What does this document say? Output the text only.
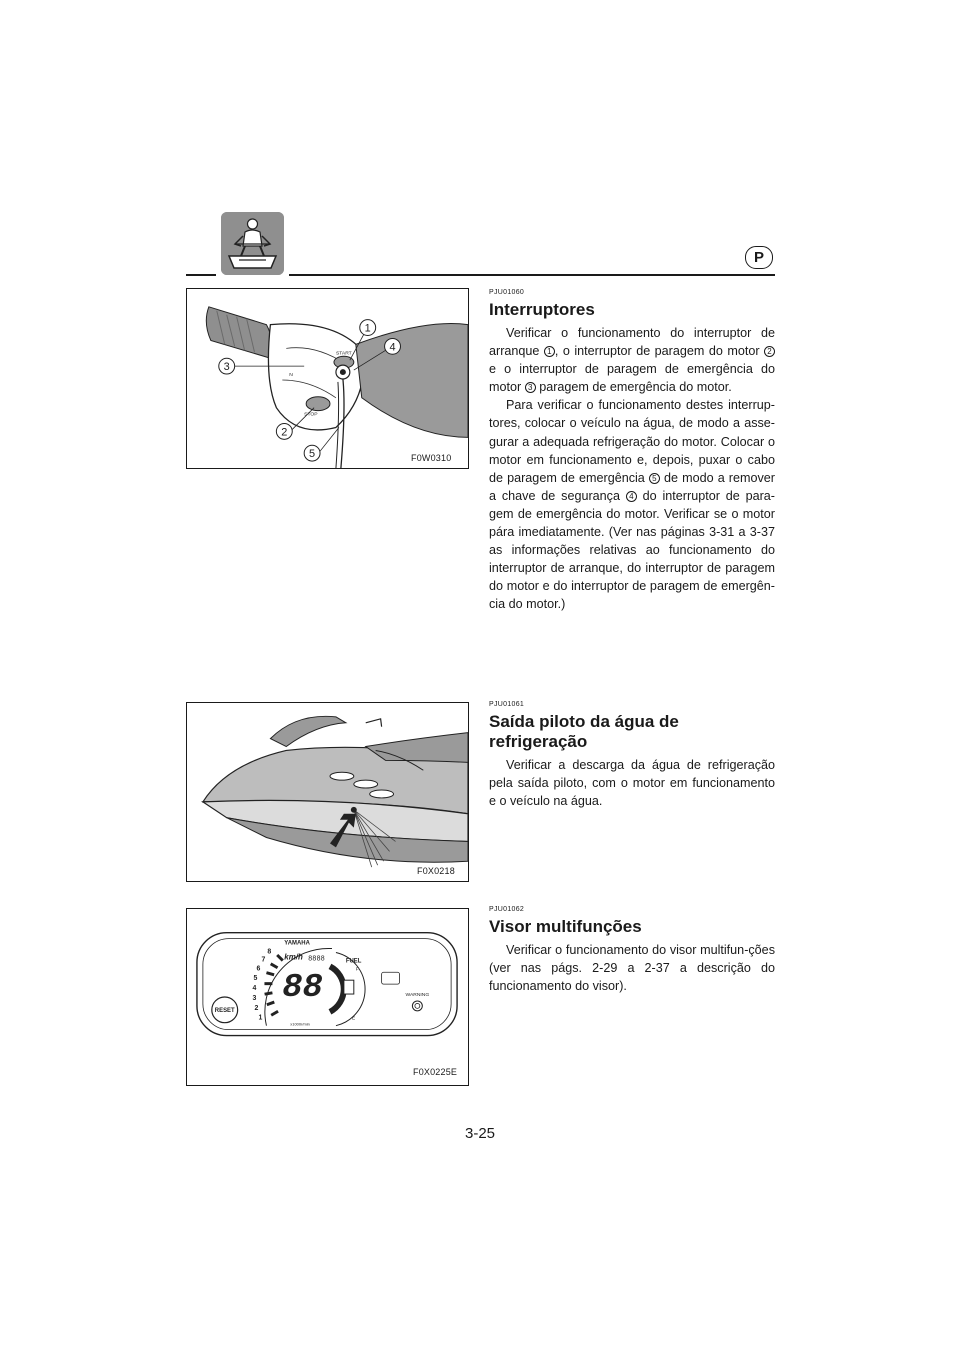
P
1
4
3
2
5
N
STOP
START
F0W0310
F0X0218
1
2
3
4
5
6
7
8
YAMAHA
km/h 8888
88
x1000r/min
FUEL
F
E
RESET
WARNING
F0X0225E
PJU01060
Interruptores

Verificar o funcionamento do interruptor de arranque 1 , o interruptor de paragem do motor 2 e o interruptor de paragem de emergência do motor 3 paragem de emergência do motor.

Para verificar o funcionamento destes interrup-tores, colocar o veículo na água, de modo a asse-gurar a adequada refrigeração do motor. Colocar o motor em funcionamento e, depois, puxar o cabo de paragem de emergência 5 de modo a remover a chave de segurança 4 do interruptor de para-gem de emergência do motor. Verificar se o motor pára imediatamente. (Ver nas páginas 3-31 a 3-37 as informações relativas ao funcionamento do interruptor de arranque, do interruptor de paragem do motor e do interruptor de paragem de emergên-cia do motor.)

PJU01061
Saída piloto da água de refrigeração

Verificar a descarga da água de refrigeração pela saída piloto, com o motor em funcionamento e o veículo na água.

PJU01062
Visor multifunções

Verificar o funcionamento do visor multifun-ções (ver nas págs. 2-29 a 2-37 a descrição do funcionamento do visor).

3-25
